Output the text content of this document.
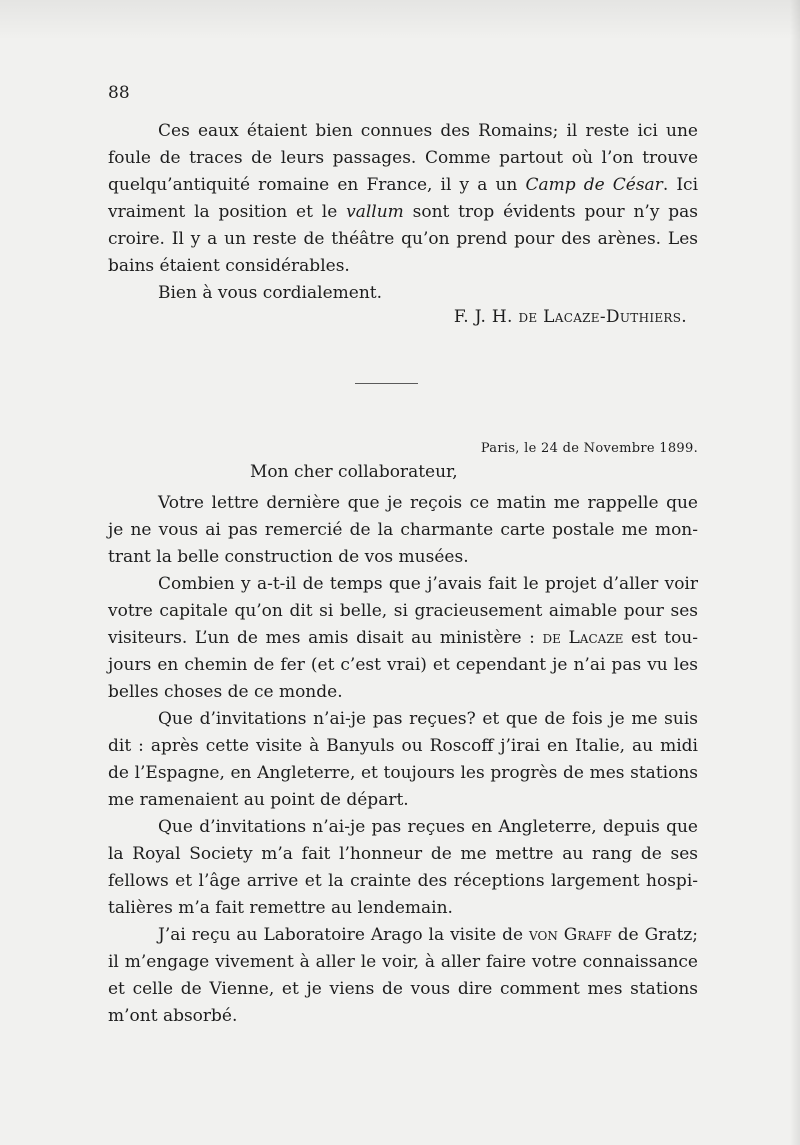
88

Ces eaux étaient bien connues des Romains; il reste ici une

foule de traces de leurs passages. Comme partout où l’on trouve

quelqu’antiquité romaine en France, il y a un Camp de César. Ici

vraiment la position et le vallum sont trop évidents pour n’y pas

croire. Il y a un reste de théâtre qu’on prend pour des arènes. Les

bains étaient considérables.

Bien à vous cordialement.

F. J. H. de Lacaze-Duthiers.
Paris, le 24 de Novembre 1899.
Mon cher collaborateur,

Votre lettre dernière que je reçois ce matin me rappelle que

je ne vous ai pas remercié de la charmante carte postale me mon-

trant la belle construction de vos musées.

Combien y a-t-il de temps que j’avais fait le projet d’aller voir

votre capitale qu’on dit si belle, si gracieusement aimable pour ses

visiteurs. L’un de mes amis disait au ministère : de Lacaze est tou-

jours en chemin de fer (et c’est vrai) et cependant je n’ai pas vu les

belles choses de ce monde.

Que d’invitations n’ai-je pas reçues? et que de fois je me suis

dit : après cette visite à Banyuls ou Roscoff j’irai en Italie, au midi

de l’Espagne, en Angleterre, et toujours les progrès de mes stations

me ramenaient au point de départ.

Que d’invitations n’ai-je pas reçues en Angleterre, depuis que

la Royal Society m’a fait l’honneur de me mettre au rang de ses

fellows et l’âge arrive et la crainte des réceptions largement hospi-

talières m’a fait remettre au lendemain.

J’ai reçu au Laboratoire Arago la visite de von Graff de Gratz;

il m’engage vivement à aller le voir, à aller faire votre connaissance

et celle de Vienne, et je viens de vous dire comment mes stations

m’ont absorbé.
